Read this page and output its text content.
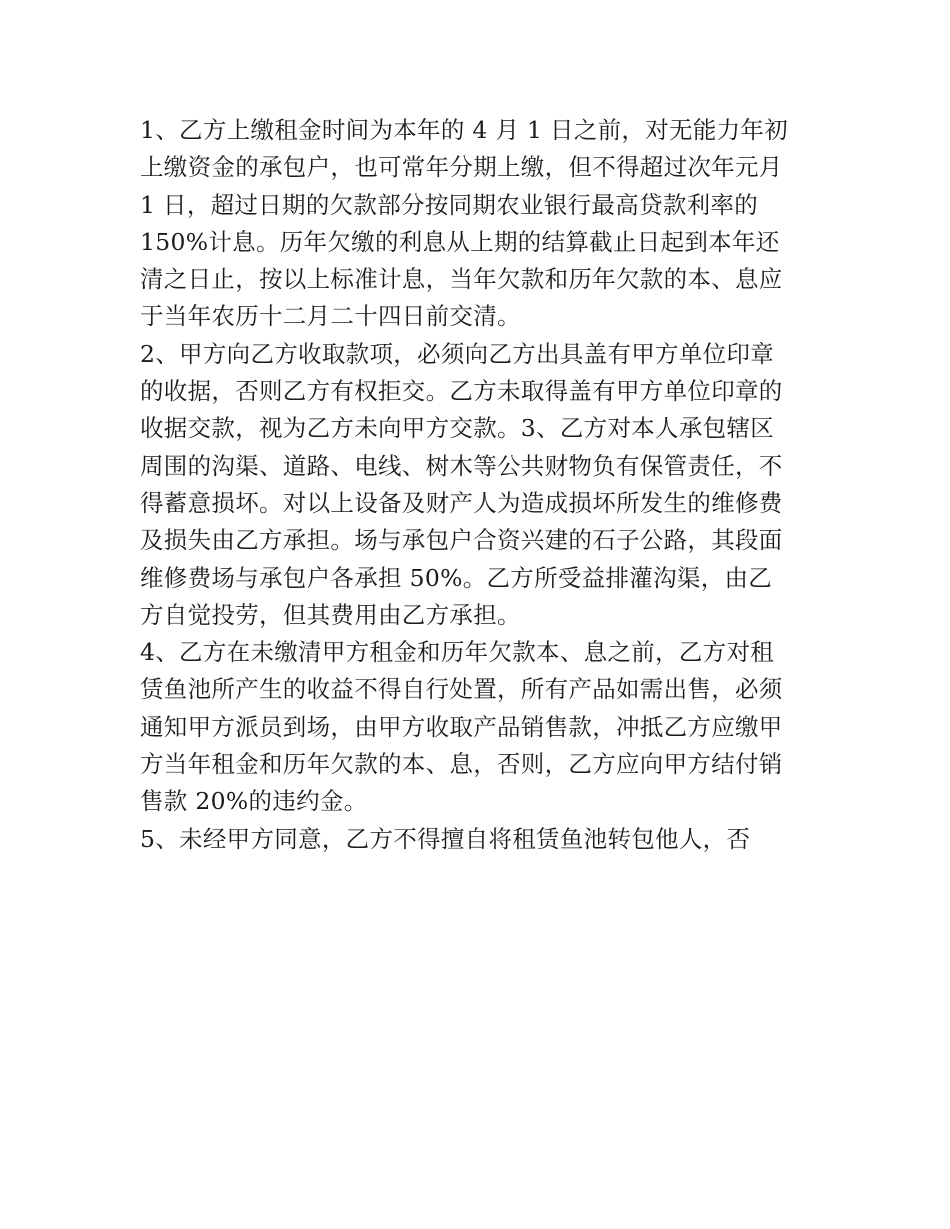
1、乙方上缴租金时间为本年的 4 月 1 日之前，对无能力年初
上缴资金的承包户，也可常年分期上缴，但不得超过次年元月
1 日，超过日期的欠款部分按同期农业银行最高贷款利率的
150%计息。历年欠缴的利息从上期的结算截止日起到本年还
清之日止，按以上标准计息，当年欠款和历年欠款的本、息应
于当年农历十二月二十四日前交清。
2、甲方向乙方收取款项，必须向乙方出具盖有甲方单位印章
的收据，否则乙方有权拒交。乙方未取得盖有甲方单位印章的
收据交款，视为乙方未向甲方交款。3、乙方对本人承包辖区
周围的沟渠、道路、电线、树木等公共财物负有保管责任，不
得蓄意损坏。对以上设备及财产人为造成损坏所发生的维修费
及损失由乙方承担。场与承包户合资兴建的石子公路，其段面
维修费场与承包户各承担 50%。乙方所受益排灌沟渠，由乙
方自觉投劳，但其费用由乙方承担。
4、乙方在未缴清甲方租金和历年欠款本、息之前，乙方对租
赁鱼池所产生的收益不得自行处置，所有产品如需出售，必须
通知甲方派员到场，由甲方收取产品销售款，冲抵乙方应缴甲
方当年租金和历年欠款的本、息，否则，乙方应向甲方结付销
售款 20%的违约金。
5、未经甲方同意，乙方不得擅自将租赁鱼池转包他人，否
